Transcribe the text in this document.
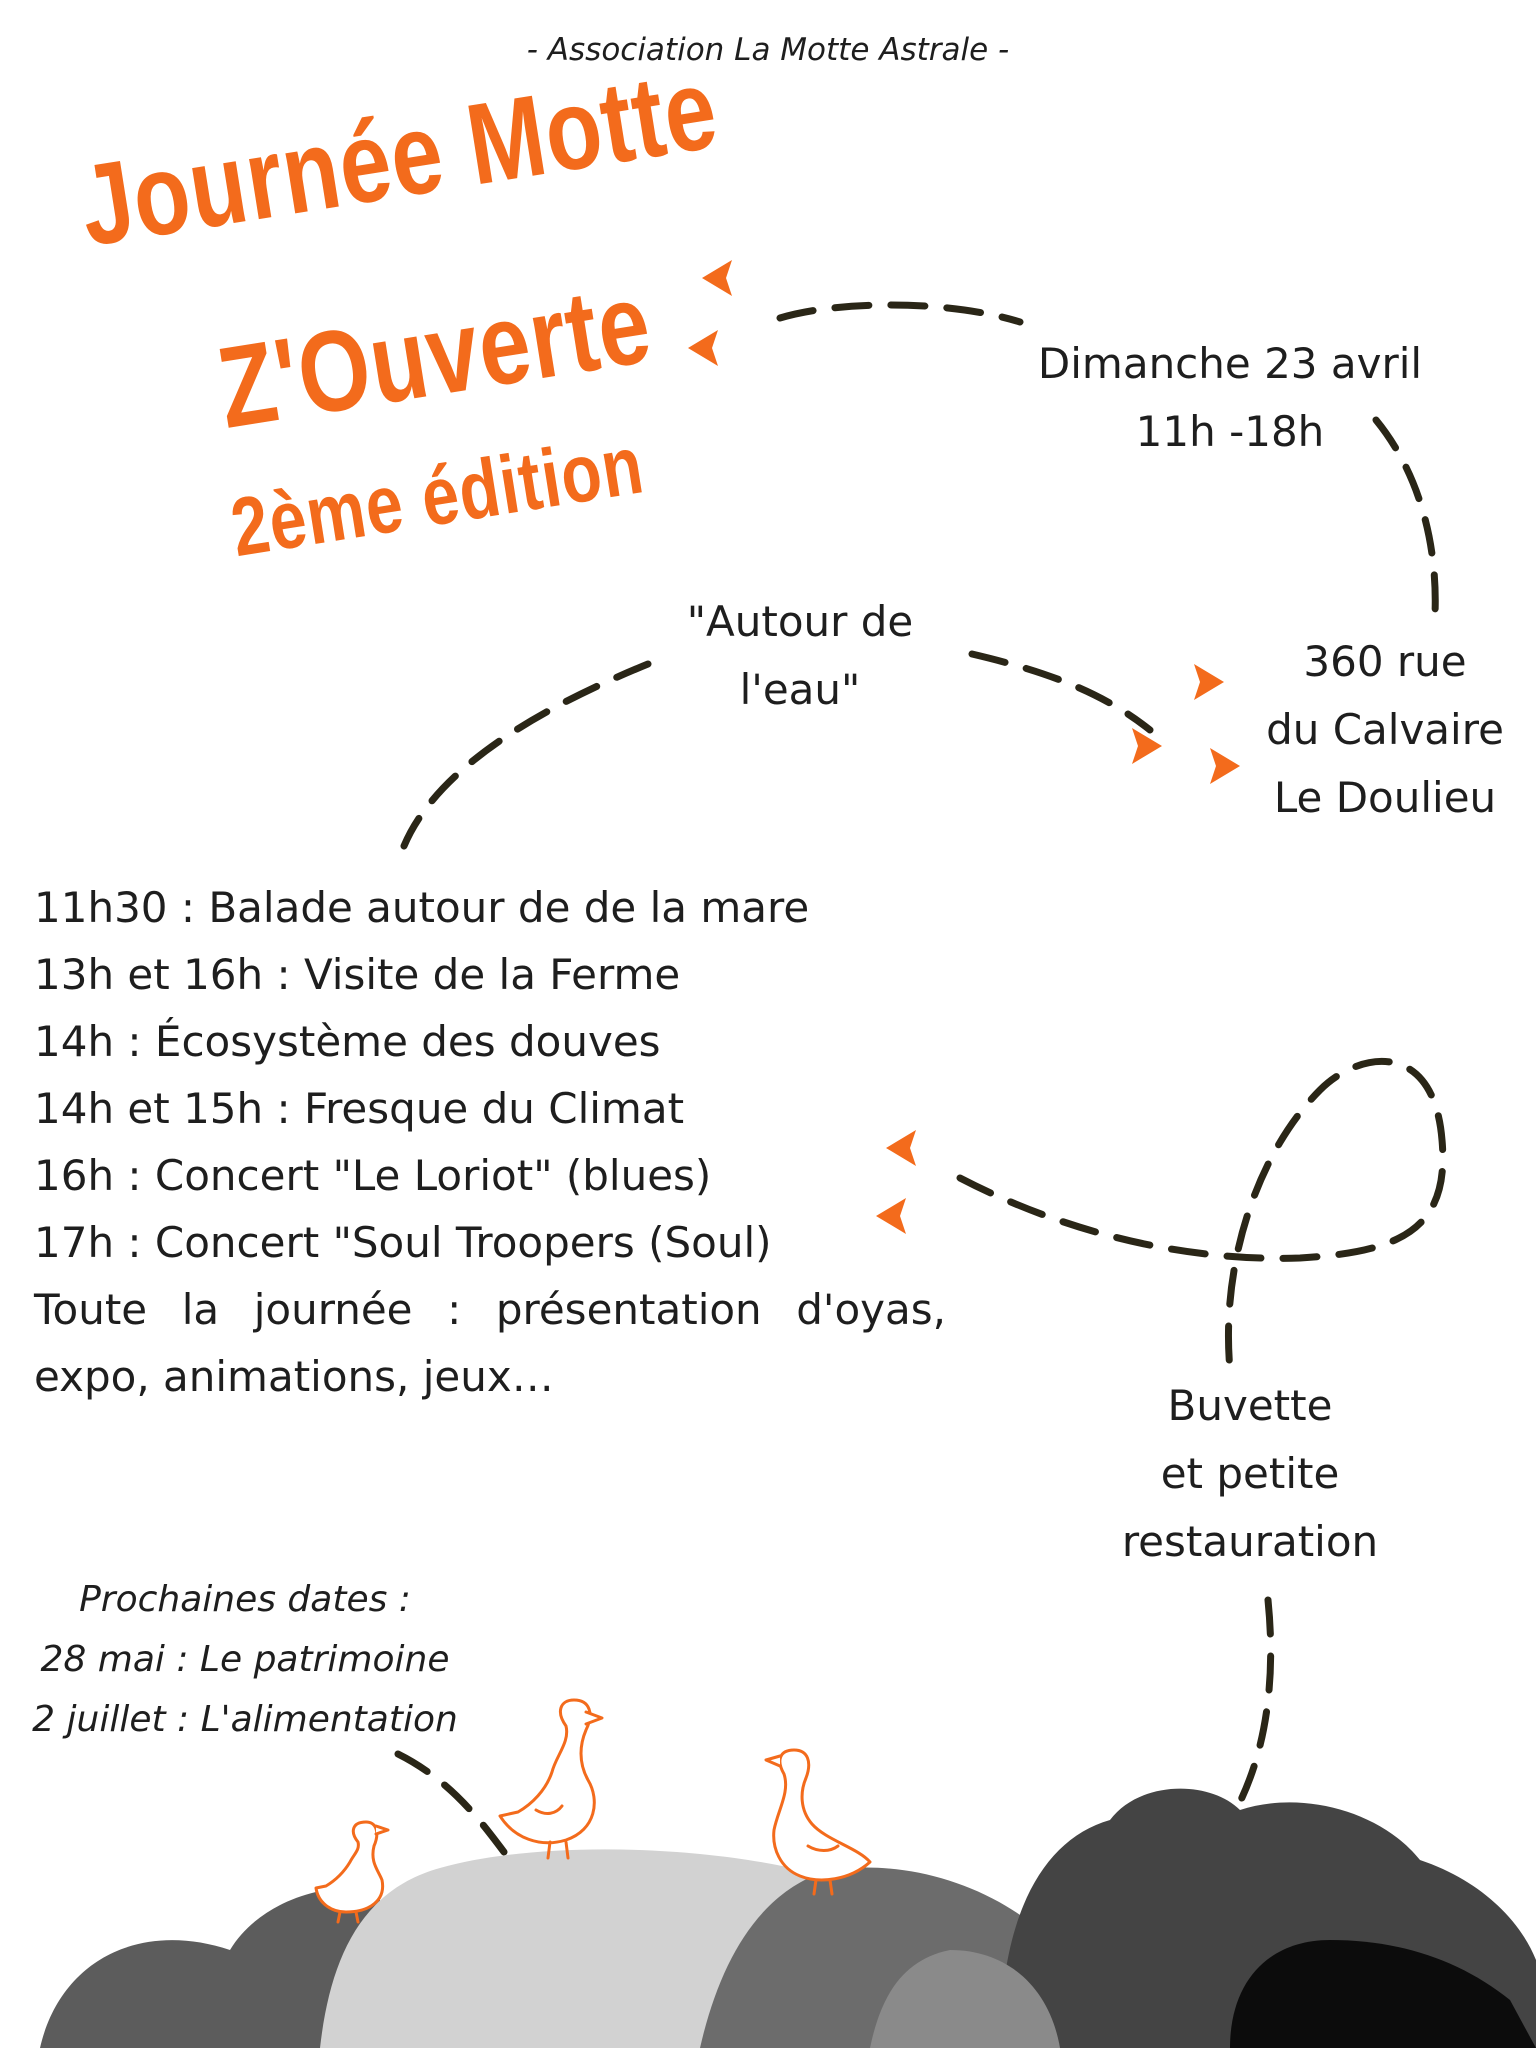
- Association La Motte Astrale -
Journée Motte
Z'Ouverte
2ème édition
Dimanche 23 avril
11h -18h
360 rue
du Calvaire
Le Doulieu
"Autour de
l'eau"
11h30 : Balade autour de de la mare
13h et 16h : Visite de la Ferme
14h : Écosystème des douves
14h et 15h : Fresque du Climat
16h : Concert "Le Loriot" (blues)
17h : Concert "Soul Troopers (Soul)
Toute la journée : présentation d'oyas,
expo, animations, jeux…
Buvette
et petite
restauration
Prochaines dates :
28 mai : Le patrimoine
2 juillet : L'alimentation
